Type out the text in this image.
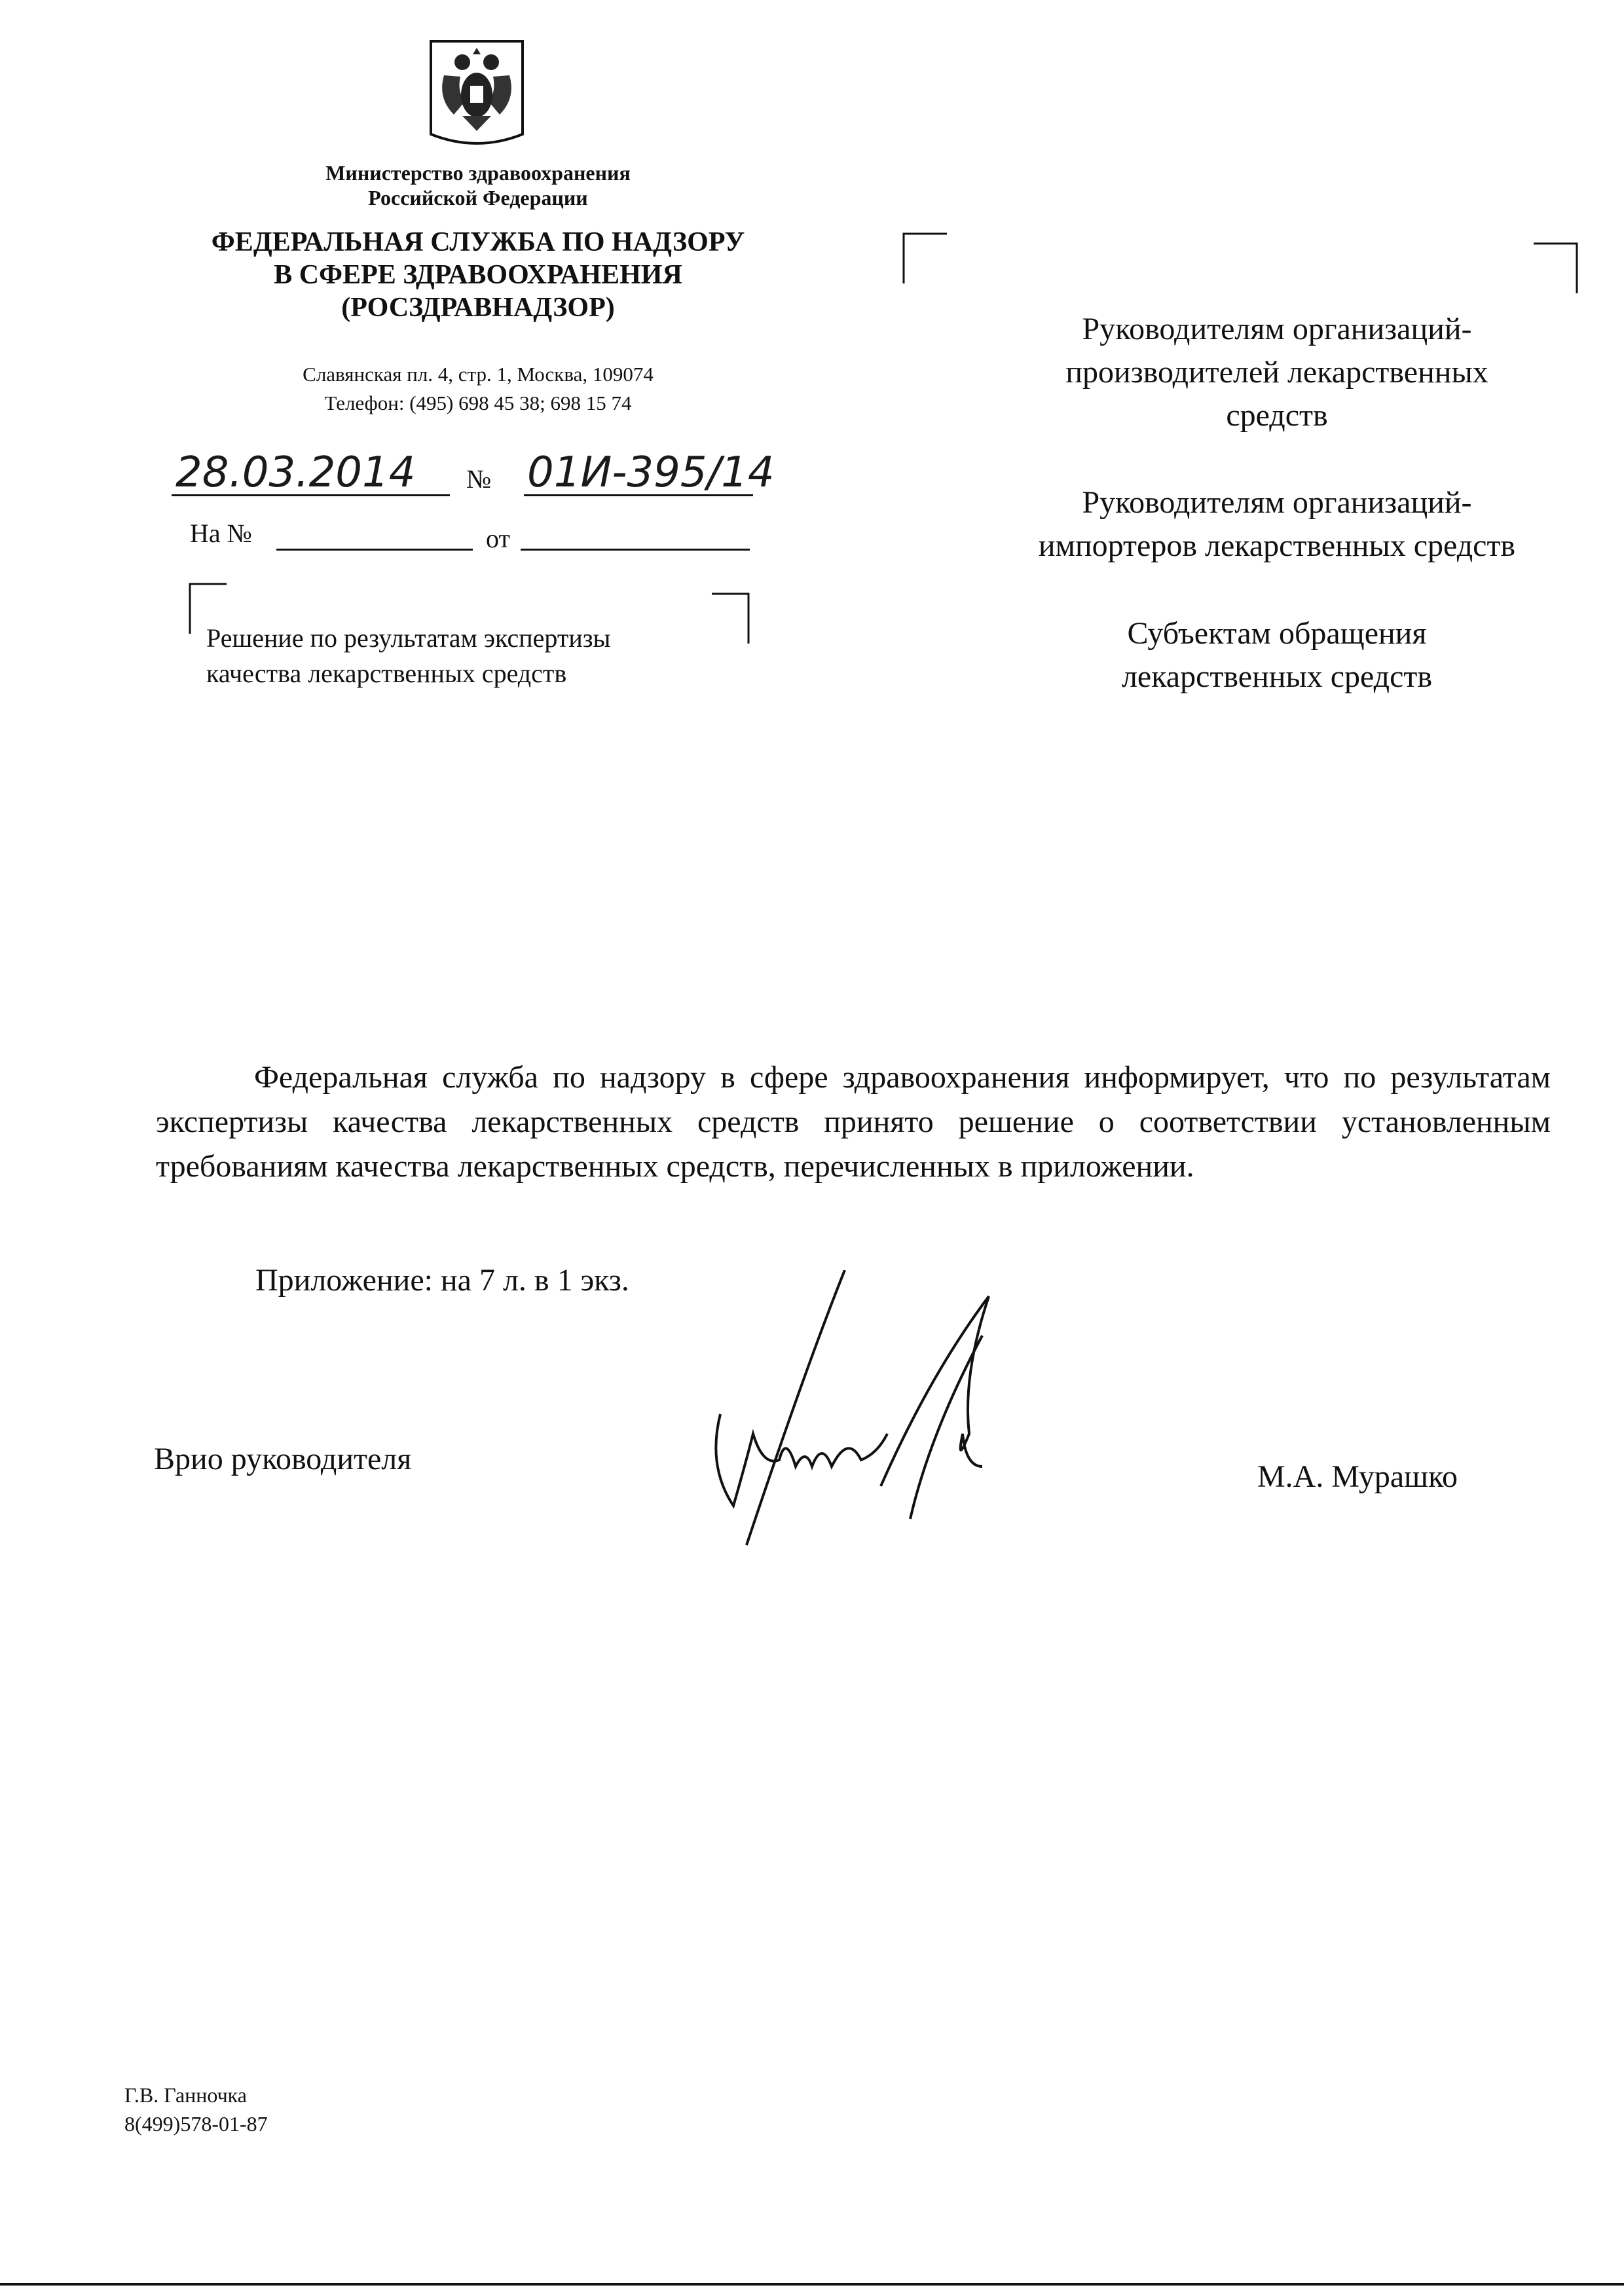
Министерство здравоохранения
Российской Федерации
ФЕДЕРАЛЬНАЯ СЛУЖБА ПО НАДЗОРУ
В СФЕРЕ ЗДРАВООХРАНЕНИЯ
(РОСЗДРАВНАДЗОР)
Славянская пл. 4, стр. 1, Москва, 109074
Телефон: (495) 698 45 38; 698 15 74
28.03.2014 № 01И-395/14
На №	от
Решение по результатам экспертизы
качества лекарственных средств
Руководителям организаций-
производителей лекарственных
средств
Руководителям организаций-
импортеров лекарственных средств
Субъектам обращения
лекарственных средств

Федеральная служба по надзору в сфере здравоохранения информирует, что по результатам экспертизы качества лекарственных средств принято решение о соответствии установленным требованиям качества лекарственных средств, перечисленных в приложении.

Приложение: на 7 л. в 1 экз.
Врио руководителя
М.А. Мурашко
Г.В. Ганночка
8(499)578-01-87
